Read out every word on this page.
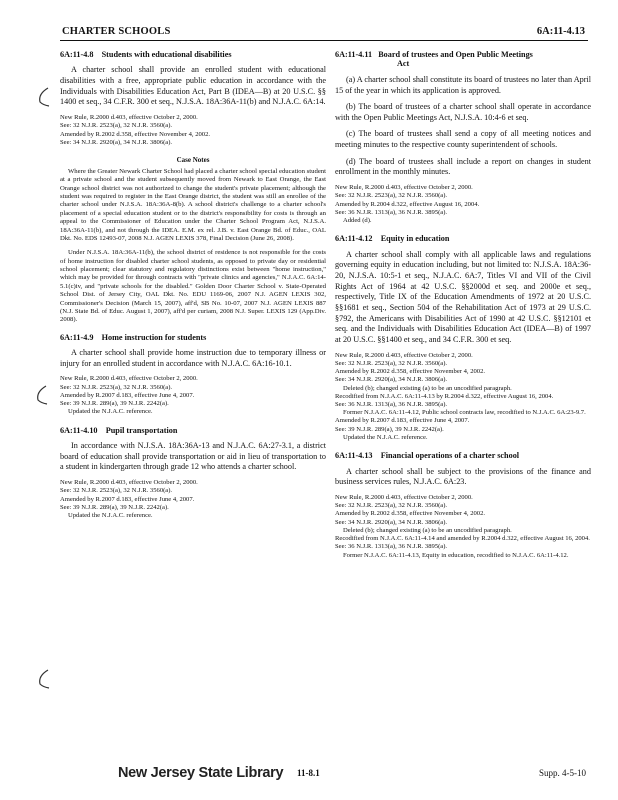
CHARTER SCHOOLS	6A:11-4.13
6A:11-4.8 Students with educational disabilities

A charter school shall provide an enrolled student with educational disabilities with a free, appropriate public education in accordance with the Individuals with Disabilities Education Act, Part B (IDEA—B) at 20 U.S.C. §§ 1400 et seq., 34 C.F.R. 300 et seq., N.J.S.A. 18A:36A-11(b) and N.J.A.C. 6A:14.

New Rule, R.2000 d.403, effective October 2, 2000.
See: 32 N.J.R. 2523(a), 32 N.J.R. 3560(a).
Amended by R.2002 d.358, effective November 4, 2002.
See: 34 N.J.R. 2920(a), 34 N.J.R. 3806(a).
Case Notes

Where the Greater Newark Charter School had placed a charter school special education student at a private school and the student subsequently moved from Newark to East Orange, the East Orange school district was not authorized to change the student's private placement; although the student was required to register in the East Orange district, the student was still an enrollee of the charter school under N.J.S.A. 18A:36A-8(b). A school district's challenge to a charter school's placement of a special education student or to the district's responsibility for costs is through an appeal to the Commissioner of Education under the Charter School Program Act, N.J.S.A. 18A:36A-11(b), and not through the IDEA. E.M. ex rel. J.B. v. East Orange Bd. of Educ., OAL Dkt. No. EDS 12493-07, 2008 N.J. AGEN LEXIS 378, Final Decision (June 26, 2008).

Under N.J.S.A. 18A:36A-11(b), the school district of residence is not responsible for the costs of home instruction for disabled charter school students, as opposed to private day or residential school placement; clear statutory and regulatory distinctions exist between "home instruction," which may be provided for through contracts with "private clinics and agencies," N.J.A.C. 6A:14-5.1(c)iv, and "private schools for the disabled." Golden Door Charter School v. State-Operated School Dist. of Jersey City, OAL Dkt. No. EDU 1169-06, 2007 N.J. AGEN LEXIS 302, Commissioner's Decision (March 15, 2007), aff'd, SB No. 10-07, 2007 N.J. AGEN LEXIS 887 (N.J. State Bd. of Educ. August 1, 2007), aff'd per curiam, 2008 N.J. Super. LEXIS 129 (App.Div. 2008).

6A:11-4.9 Home instruction for students

A charter school shall provide home instruction due to temporary illness or injury for an enrolled student in accordance with N.J.A.C. 6A:16-10.1.

New Rule, R.2000 d.403, effective October 2, 2000.
See: 32 N.J.R. 2523(a), 32 N.J.R. 3560(a).
Amended by R.2007 d.183, effective June 4, 2007.
See: 39 N.J.R. 289(a), 39 N.J.R. 2242(a).
Updated the N.J.A.C. reference.
6A:11-4.10 Pupil transportation

In accordance with N.J.S.A. 18A:36A-13 and N.J.A.C. 6A:27-3.1, a district board of education shall provide transportation or aid in lieu of transportation to a student in kindergarten through grade 12 who attends a charter school.

New Rule, R.2000 d.403, effective October 2, 2000.
See: 32 N.J.R. 2523(a), 32 N.J.R. 3560(a).
Amended by R.2007 d.183, effective June 4, 2007.
See: 39 N.J.R. 289(a), 39 N.J.R. 2242(a).
Updated the N.J.A.C. reference.
6A:11-4.11 Board of trustees and Open Public Meetings
Act

(a) A charter school shall constitute its board of trustees no later than April 15 of the year in which its application is approved.

(b) The board of trustees of a charter school shall operate in accordance with the Open Public Meetings Act, N.J.S.A. 10:4-6 et seq.

(c) The board of trustees shall send a copy of all meeting notices and meeting minutes to the respective county superintendent of schools.

(d) The board of trustees shall include a report on changes in student enrollment in the monthly minutes.

New Rule, R.2000 d.403, effective October 2, 2000.
See: 32 N.J.R. 2523(a), 32 N.J.R. 3560(a).
Amended by R.2004 d.322, effective August 16, 2004.
See: 36 N.J.R. 1313(a), 36 N.J.R. 3895(a).
Added (d).
6A:11-4.12 Equity in education

A charter school shall comply with all applicable laws and regulations governing equity in education including, but not limited to: N.J.S.A. 18A:36-20, N.J.S.A. 10:5-1 et seq., N.J.A.C. 6A:7, Titles VI and VII of the Civil Rights Act of 1964 at 42 U.S.C. §§2000d et seq. and 2000e et seq., respectively, Title IX of the Education Amendments of 1972 at 20 U.S.C. §§1681 et seq., Section 504 of the Rehabilitation Act of 1973 at 29 U.S.C. §792, the Americans with Disabilities Act of 1990 at 42 U.S.C. §§12101 et seq. and the Individuals with Disabilities Education Act (IDEA—B) of 1997 at 20 U.S.C. §§1400 et seq., and 34 C.F.R. 300 et seq.

New Rule, R.2000 d.403, effective October 2, 2000.
See: 32 N.J.R. 2523(a), 32 N.J.R. 3560(a).
Amended by R.2002 d.358, effective November 4, 2002.
See: 34 N.J.R. 2920(a), 34 N.J.R. 3806(a).
Deleted (b); changed existing (a) to be an uncodified paragraph.
Recodified from N.J.A.C. 6A:11-4.13 by R.2004 d.322, effective August 16, 2004.
See: 36 N.J.R. 1313(a), 36 N.J.R. 3895(a).
Former N.J.A.C. 6A:11-4.12, Public school contracts law, recodified to N.J.A.C. 6A:23-9.7.
Amended by R.2007 d.183, effective June 4, 2007.
See: 39 N.J.R. 289(a), 39 N.J.R. 2242(a).
Updated the N.J.A.C. reference.
6A:11-4.13 Financial operations of a charter school

A charter school shall be subject to the provisions of the finance and business services rules, N.J.A.C. 6A:23.

New Rule, R.2000 d.403, effective October 2, 2000.
See: 32 N.J.R. 2523(a), 32 N.J.R. 3560(a).
Amended by R.2002 d.358, effective November 4, 2002.
See: 34 N.J.R. 2920(a), 34 N.J.R. 3806(a).
Deleted (b); changed existing (a) to be an uncodified paragraph.
Recodified from N.J.A.C. 6A:11-4.14 and amended by R.2004 d.322, effective August 16, 2004.
See: 36 N.J.R. 1313(a), 36 N.J.R. 3895(a).
Former N.J.A.C. 6A:11-4.13, Equity in education, recodified to N.J.A.C. 6A:11-4.12.
New Jersey State Library 11-8.1	Supp. 4-5-10
